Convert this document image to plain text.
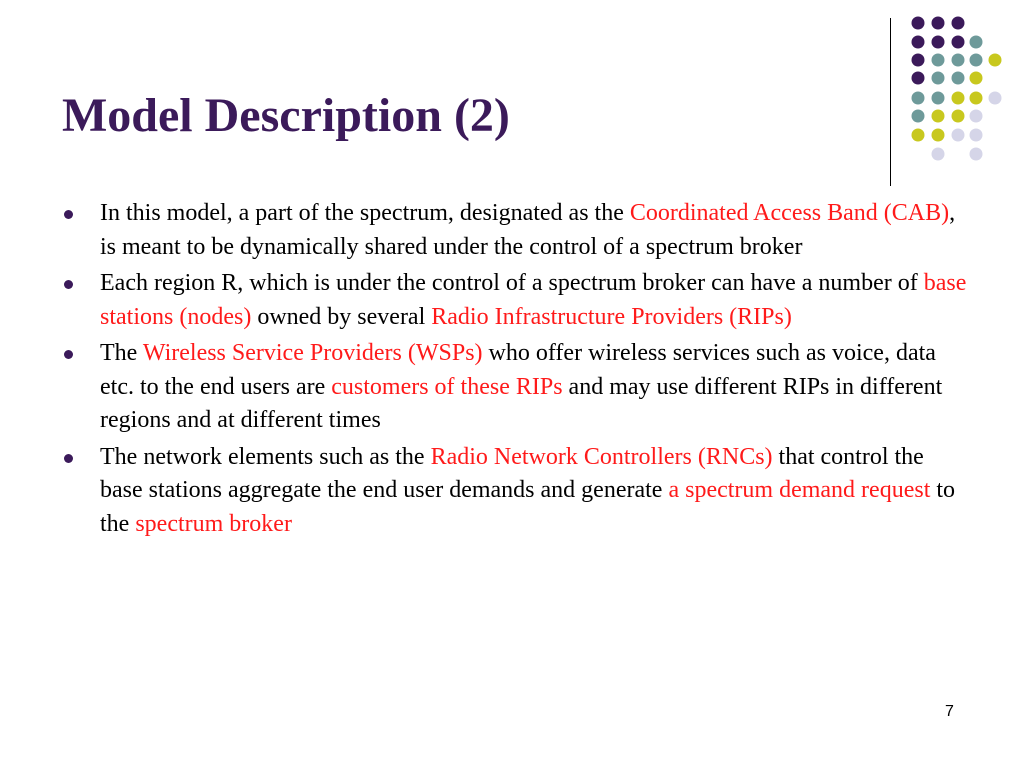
Model Description (2)
In this model, a part of the spectrum, designated as the Coordinated Access Band (CAB), is meant to be dynamically shared under the control of a spectrum broker
Each region R, which is under the control of a spectrum broker can have a number of base stations (nodes) owned by several Radio Infrastructure Providers (RIPs)
The Wireless Service Providers (WSPs) who offer wireless services such as voice, data etc. to the end users are customers of these RIPs and may use different RIPs in different regions and at different times
The network elements such as the Radio Network Controllers (RNCs) that control the base stations aggregate the end user demands and generate a spectrum demand request to the spectrum broker
7
